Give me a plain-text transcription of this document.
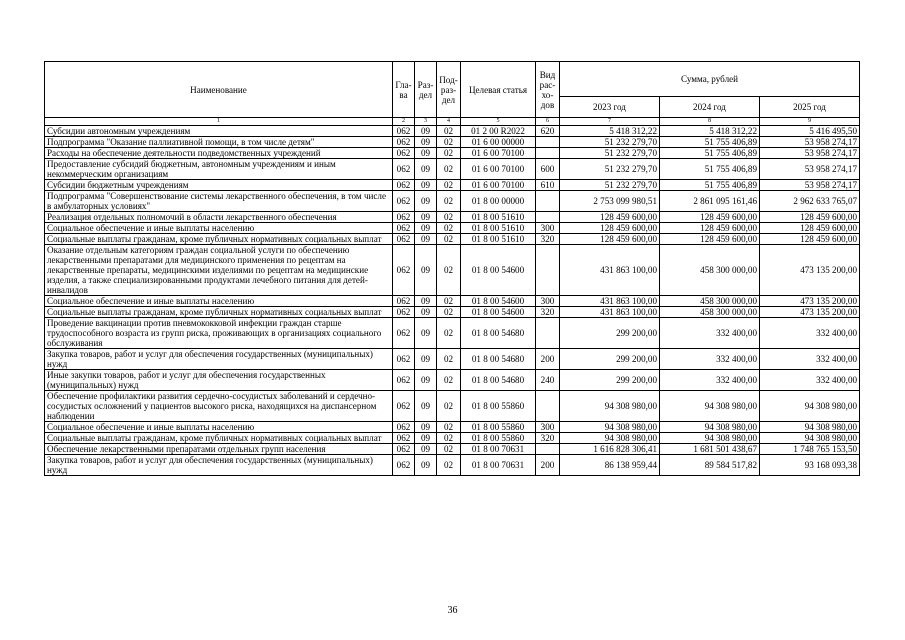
Наименование	Гла-ва	Раз-дел	Под-раз-дел	Целевая статья	Вид рас-хо-дов	Сумма, рублей		
						2023 год	2024 год	2025 год
1	2	3	4	5	6	7	8	9
Субсидии автономным учреждениям	062	09	02	01 2 00 R2022	620	5 418 312,22	5 418 312,22	5 416 495,50
Подпрограмма "Оказание паллиативной помощи, в том числе детям"	062	09	02	01 6 00 00000		51 232 279,70	51 755 406,89	53 958 274,17
Расходы на обеспечение деятельности подведомственных учреждений	062	09	02	01 6 00 70100		51 232 279,70	51 755 406,89	53 958 274,17
Предоставление субсидий бюджетным, автономным учреждениям и иным некоммерческим организациям	062	09	02	01 6 00 70100	600	51 232 279,70	51 755 406,89	53 958 274,17
Субсидии бюджетным учреждениям	062	09	02	01 6 00 70100	610	51 232 279,70	51 755 406,89	53 958 274,17
Подпрограмма "Совершенствование системы лекарственного обеспечения, в том числе в амбулаторных условиях"	062	09	02	01 8 00 00000		2 753 099 980,51	2 861 095 161,46	2 962 633 765,07
Реализация отдельных полномочий в области лекарственного обеспечения	062	09	02	01 8 00 51610		128 459 600,00	128 459 600,00	128 459 600,00
Социальное обеспечение и иные выплаты населению	062	09	02	01 8 00 51610	300	128 459 600,00	128 459 600,00	128 459 600,00
Социальные выплаты гражданам, кроме публичных нормативных социальных выплат	062	09	02	01 8 00 51610	320	128 459 600,00	128 459 600,00	128 459 600,00
Оказание отдельным категориям граждан социальной услуги по обеспечению лекарственными препаратами для медицинского применения по рецептам на лекарственные препараты, медицинскими изделиями по рецептам на медицинские изделия, а также специализированными продуктами лечебного питания для детей-инвалидов	062	09	02	01 8 00 54600		431 863 100,00	458 300 000,00	473 135 200,00
Социальное обеспечение и иные выплаты населению	062	09	02	01 8 00 54600	300	431 863 100,00	458 300 000,00	473 135 200,00
Социальные выплаты гражданам, кроме публичных нормативных социальных выплат	062	09	02	01 8 00 54600	320	431 863 100,00	458 300 000,00	473 135 200,00
Проведение вакцинации против пневмококковой инфекции граждан старше трудоспособного возраста из групп риска, проживающих в организациях социального обслуживания	062	09	02	01 8 00 54680		299 200,00	332 400,00	332 400,00
Закупка товаров, работ и услуг для обеспечения государственных (муниципальных) нужд	062	09	02	01 8 00 54680	200	299 200,00	332 400,00	332 400,00
Иные закупки товаров, работ и услуг для обеспечения государственных (муниципальных) нужд	062	09	02	01 8 00 54680	240	299 200,00	332 400,00	332 400,00
Обеспечение профилактики развития сердечно-сосудистых заболеваний и сердечно-сосудистых осложнений у пациентов высокого риска, находящихся на диспансерном наблюдении	062	09	02	01 8 00 55860		94 308 980,00	94 308 980,00	94 308 980,00
Социальное обеспечение и иные выплаты населению	062	09	02	01 8 00 55860	300	94 308 980,00	94 308 980,00	94 308 980,00
Социальные выплаты гражданам, кроме публичных нормативных социальных выплат	062	09	02	01 8 00 55860	320	94 308 980,00	94 308 980,00	94 308 980,00
Обеспечение лекарственными препаратами отдельных групп населения	062	09	02	01 8 00 70631		1 616 828 306,41	1 681 501 438,67	1 748 765 153,50
Закупка товаров, работ и услуг для обеспечения государственных (муниципальных) нужд	062	09	02	01 8 00 70631	200	86 138 959,44	89 584 517,82	93 168 093,38
36
